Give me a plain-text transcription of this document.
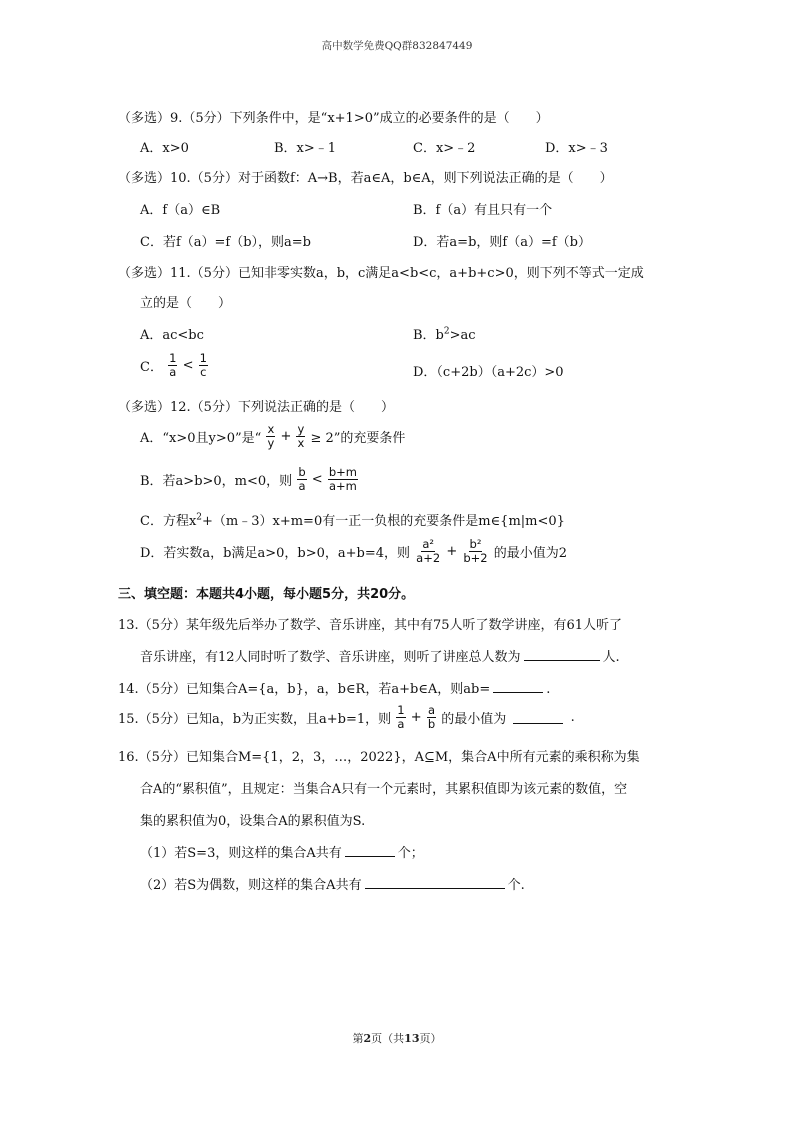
高中数学免费QQ群832847449
（多选）9.（5分）下列条件中，是“x+1>0”成立的必要条件的是（　　）
A．x>0	B．x>﹣1	C．x>﹣2	D．x>﹣3
（多选）10.（5分）对于函数f：A→B，若a∈A，b∈A，则下列说法正确的是（　　）
A．f（a）∈B	B．f（a）有且只有一个
C．若f（a）=f（b），则a=b	D．若a=b，则f（a）=f（b）
（多选）11.（5分）已知非零实数a，b，c满足a<b<c，a+b+c>0，则下列不等式一定成
立的是（　　）
A．ac<bc	B．$b^2>ac$
C． $\frac{1}{a} < \frac{1}{c}$	D．（c+2b）（a+2c）>0
（多选）12.（5分）下列说法正确的是（　　）
A．“x>0且y>0”是“ $\frac{x}{y} + \frac{y}{x} \ge 2$”的充要条件
B．若a>b>0，m<0，则 $\frac{b}{a} < \frac{b+m}{a+m}$
C．方程$x^2+(m﹣3)x+m=0$有一正一负根的充要条件是m∈{m|m<0}
D．若实数a，b满足a>0，b>0，a+b=4，则 $\frac{\text{a²}}{a+2} + \frac{\text{b²}}{b+2}$ 的最小值为2
三、填空题：本题共4小题，每小题5分，共20分。
13.（5分）某年级先后举办了数学、音乐讲座，其中有75人听了数学讲座，有61人听了
音乐讲座，有12人同时听了数学、音乐讲座，则听了讲座总人数为	人.
14.（5分）已知集合A={a，b}，a，b∈R，若a+b∈A，则ab=	.
15.（5分）已知a，b为正实数，且a+b=1，则 $\frac{1}{a} + \frac{a}{b}$ 的最小值为	.
16.（5分）已知集合M={1，2，3，…，2022}，A⊆M，集合A中所有元素的乘积称为集
合A的“累积值”，且规定：当集合A只有一个元素时，其累积值即为该元素的数值，空
集的累积值为0，设集合A的累积值为S.
（1）若S=3，则这样的集合A共有	个；
（2）若S为偶数，则这样的集合A共有	个.
第2页（共13页）
